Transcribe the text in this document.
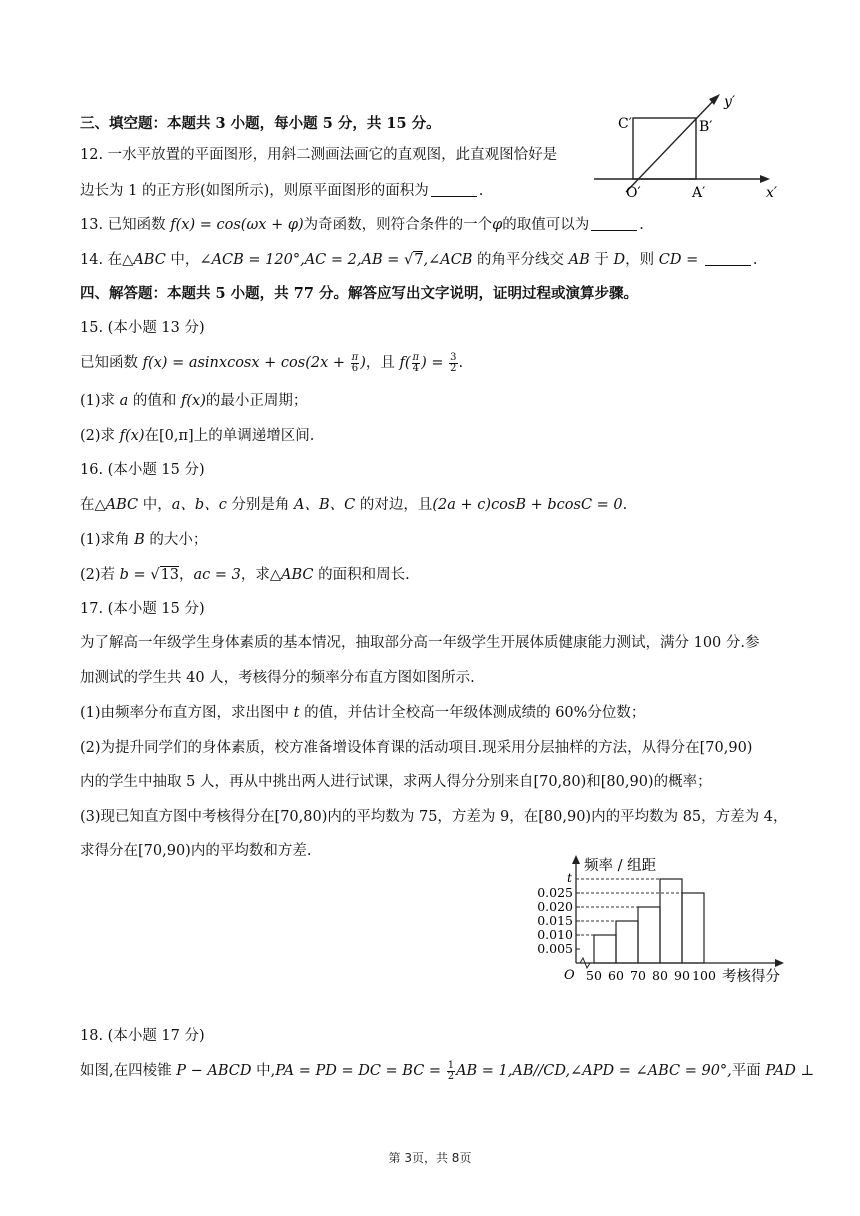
三、填空题：本题共 3 小题，每小题 5 分，共 15 分。
12. 一水平放置的平面图形，用斜二测画法画它的直观图，此直观图恰好是
边长为 1 的正方形(如图所示)，则原平面图形的面积为	.
C′	B′
O′	A′	x′
y′
13. 已知函数 f(x) = cos(ωx + φ)为奇函数，则符合条件的一个φ的取值可以为	.
14. 在△ABC 中，∠ACB = 120°,AC = 2,AB = √7,∠ACB 的角平分线交 AB 于 D，则 CD =	.
四、解答题：本题共 5 小题，共 77 分。解答应写出文字说明，证明过程或演算步骤。
15. (本小题 13 分)
已知函数 f(x) = asinxcosx + $\cos(2x + \frac{\pi}{6}$ )，且 $f( \frac{\pi}{4}$ ) = $\frac{3}{2}$ .
(1)求 a 的值和 f(x)的最小正周期；
(2)求 f(x)在[0,π]上的单调递增区间.
16. (本小题 15 分)
在△ABC 中，a、b、c 分别是角 A、B、C 的对边，且(2a + c)cosB + bcosC = 0.
(1)求角 B 的大小；
(2)若 b = √13，ac = 3，求△ABC 的面积和周长.
17. (本小题 15 分)
为了解高一年级学生身体素质的基本情况，抽取部分高一年级学生开展体质健康能力测试，满分 100 分.参
加测试的学生共 40 人，考核得分的频率分布直方图如图所示.
(1)由频率分布直方图，求出图中 t 的值，并估计全校高一年级体测成绩的 60%分位数；
(2)为提升同学们的身体素质，校方准备增设体育课的活动项目.现采用分层抽样的方法，从得分在[70,90)
内的学生中抽取 5 人，再从中挑出两人进行试课，求两人得分分别来自[70,80)和[80,90)的概率；
(3)现已知直方图中考核得分在[70,80)内的平均数为 75，方差为 9，在[80,90)内的平均数为 85，方差为 4，
求得分在[70,90)内的平均数和方差.
0.005
0.010
0.015
0.020
0.025
t
50 60 70 80 90 100
O
频率 / 组距
考核得分
18. (本小题 17 分)
如图,在四棱锥 P − ABCD 中,PA = PD = DC = BC = $\frac{1}{2}$ AB = 1,AB//CD,∠APD = ∠ABC = 90°,平面 PAD ⊥
第 3页，共 8页
